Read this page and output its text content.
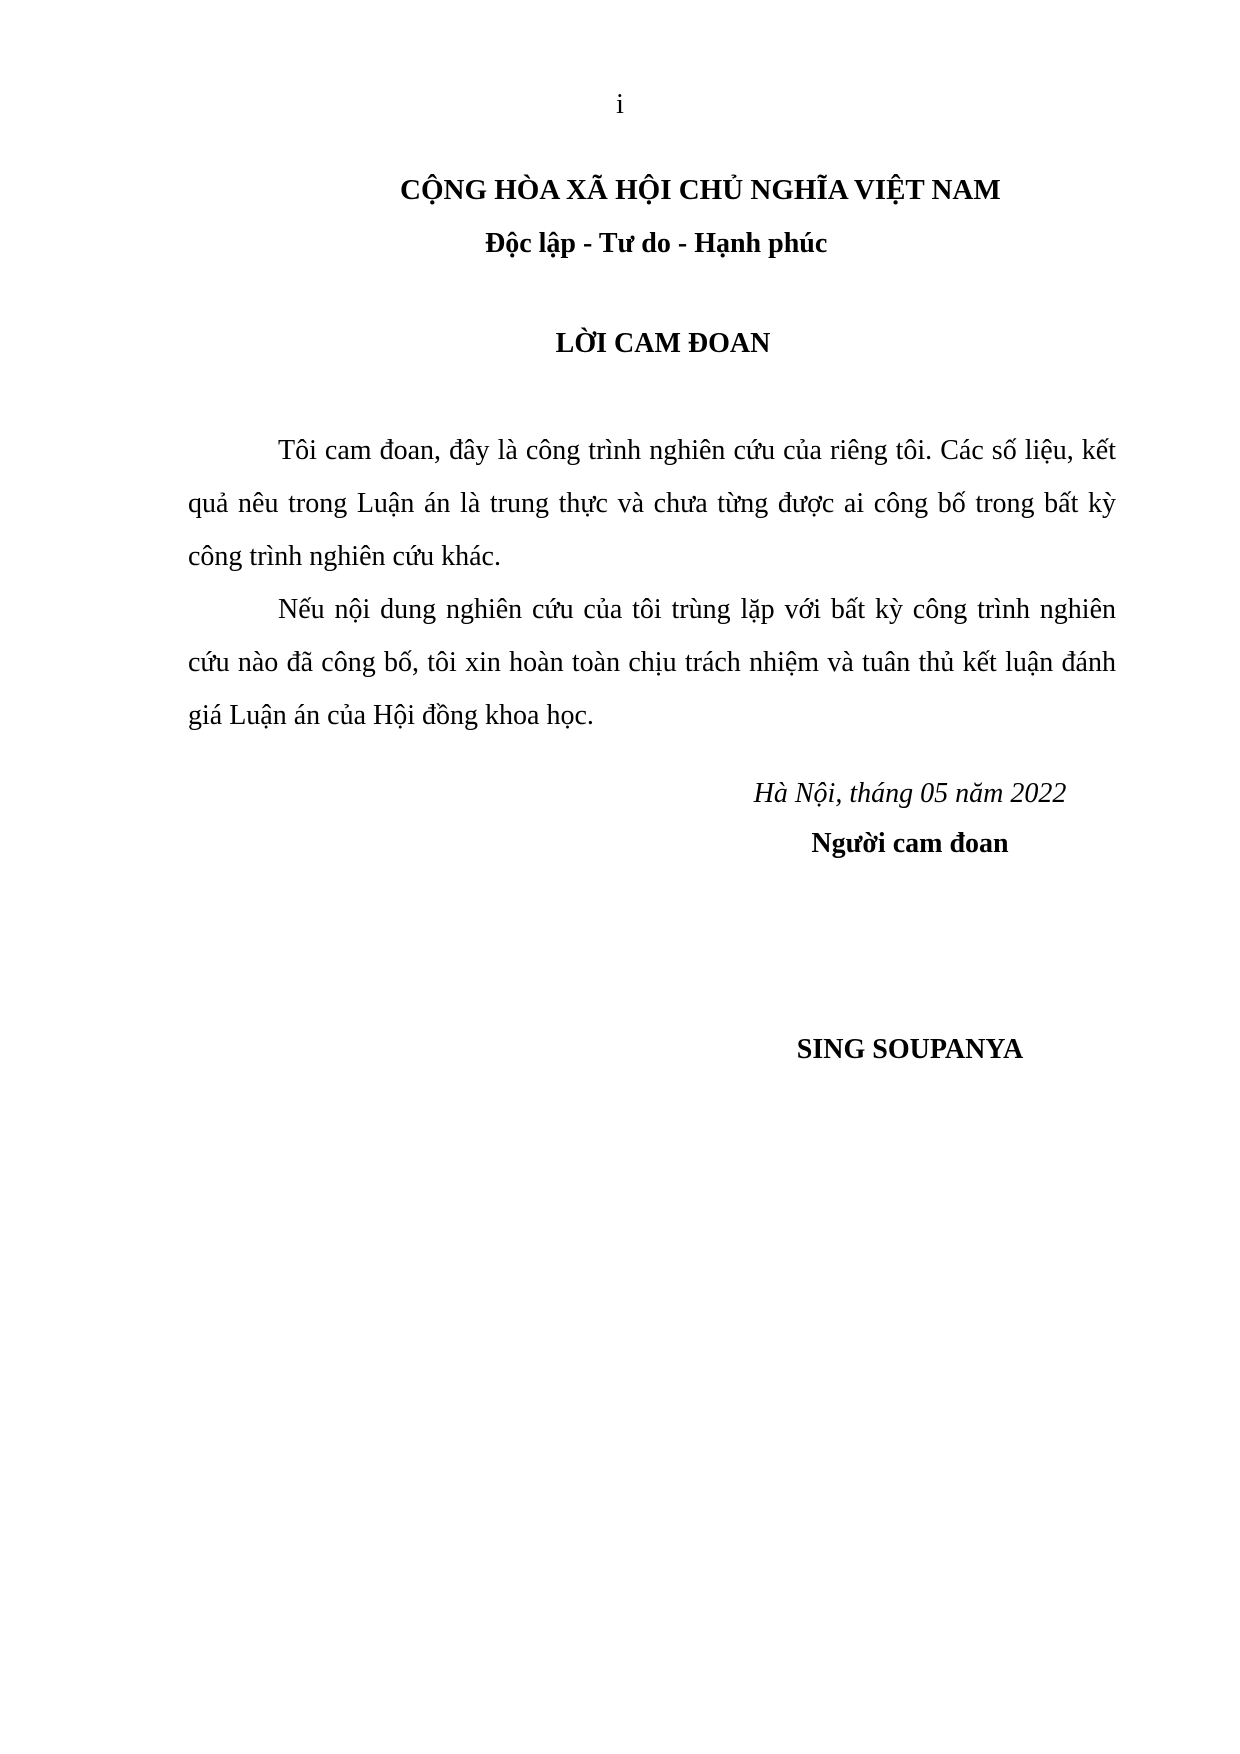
i
CỘNG HÒA XÃ HỘI CHỦ NGHĨA VIỆT NAM
Độc lập - Tư do - Hạnh phúc
LỜI CAM ĐOAN

Tôi cam đoan, đây là công trình nghiên cứu của riêng tôi. Các số liệu, kết quả nêu trong Luận án là trung thực và chưa từng được ai công bố trong bất kỳ công trình nghiên cứu khác.

Nếu nội dung nghiên cứu của tôi trùng lặp với bất kỳ công trình nghiên cứu nào đã công bố, tôi xin hoàn toàn chịu trách nhiệm và tuân thủ kết luận đánh giá Luận án của Hội đồng khoa học.

Hà Nội, tháng 05 năm 2022
Người cam đoan
SING SOUPANYA
